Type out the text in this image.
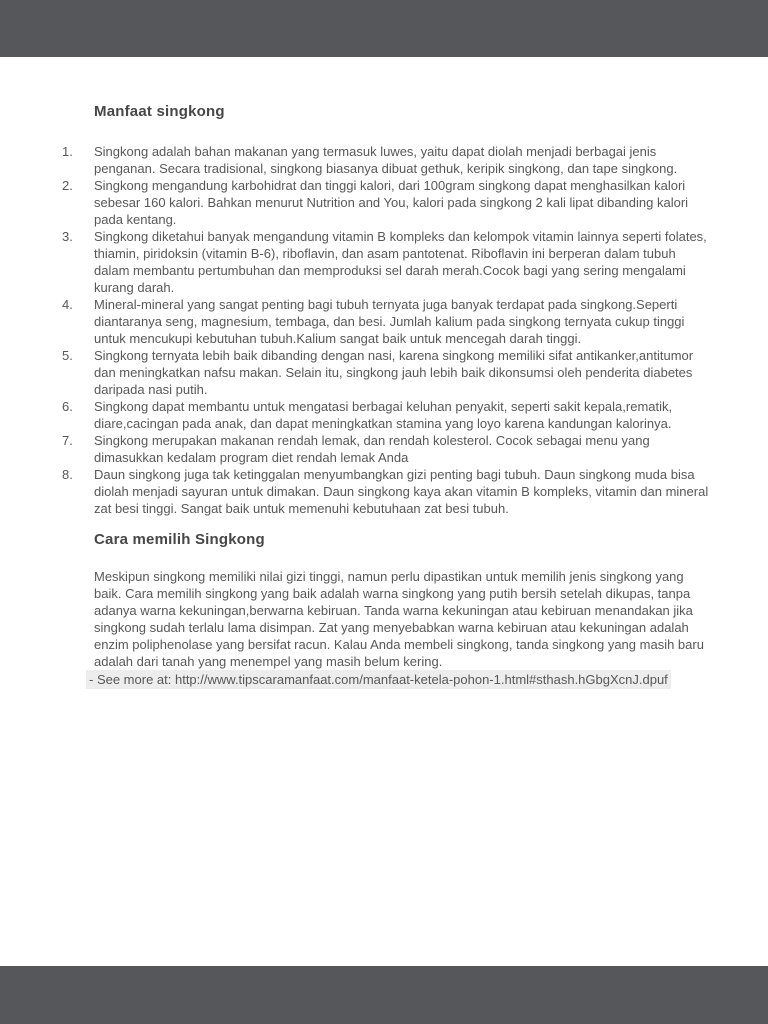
Manfaat singkong
1.	Singkong adalah bahan makanan yang termasuk luwes, yaitu dapat diolah menjadi berbagai jenis penganan. Secara tradisional, singkong biasanya dibuat gethuk, keripik singkong, dan tape singkong.
2.	Singkong mengandung karbohidrat dan tinggi kalori, dari 100gram singkong dapat menghasilkan kalori sebesar 160 kalori. Bahkan menurut Nutrition and You, kalori pada singkong 2 kali lipat dibanding kalori pada kentang.
3.	Singkong diketahui banyak mengandung vitamin B kompleks dan kelompok vitamin lainnya seperti folates, thiamin, piridoksin (vitamin B-6), riboflavin, dan asam pantotenat. Riboflavin ini berperan dalam tubuh dalam membantu pertumbuhan dan memproduksi sel darah merah.Cocok bagi yang sering mengalami kurang darah.
4.	Mineral-mineral yang sangat penting bagi tubuh ternyata juga banyak terdapat pada singkong.Seperti diantaranya seng, magnesium, tembaga, dan besi. Jumlah kalium pada singkong ternyata cukup tinggi untuk mencukupi kebutuhan tubuh.Kalium sangat baik untuk mencegah darah tinggi.
5.	Singkong ternyata lebih baik dibanding dengan nasi, karena singkong memiliki sifat antikanker,antitumor dan meningkatkan nafsu makan. Selain itu, singkong jauh lebih baik dikonsumsi oleh penderita diabetes daripada nasi putih.
6.	Singkong dapat membantu untuk mengatasi berbagai keluhan penyakit, seperti sakit kepala,rematik, diare,cacingan pada anak, dan dapat meningkatkan stamina yang loyo karena kandungan kalorinya.
7.	Singkong merupakan makanan rendah lemak, dan rendah kolesterol. Cocok sebagai menu yang dimasukkan kedalam program diet rendah lemak Anda
8.	Daun singkong juga tak ketinggalan menyumbangkan gizi penting bagi tubuh. Daun singkong muda bisa diolah menjadi sayuran untuk dimakan. Daun singkong kaya akan vitamin B kompleks, vitamin dan mineral zat besi tinggi. Sangat baik untuk memenuhi kebutuhaan zat besi tubuh.
Cara memilih Singkong
Meskipun singkong memiliki nilai gizi tinggi, namun perlu dipastikan untuk memilih jenis singkong yang baik. Cara memilih singkong yang baik adalah warna singkong yang putih bersih setelah dikupas, tanpa adanya warna kekuningan,berwarna kebiruan. Tanda warna kekuningan atau kebiruan menandakan jika singkong sudah terlalu lama disimpan. Zat yang menyebabkan warna kebiruan atau kekuningan adalah enzim poliphenolase yang bersifat racun. Kalau Anda membeli singkong, tanda singkong yang masih baru adalah dari tanah yang menempel yang masih belum kering.
- See more at: http://www.tipscaramanfaat.com/manfaat-ketela-pohon-1.html#sthash.hGbgXcnJ.dpuf
